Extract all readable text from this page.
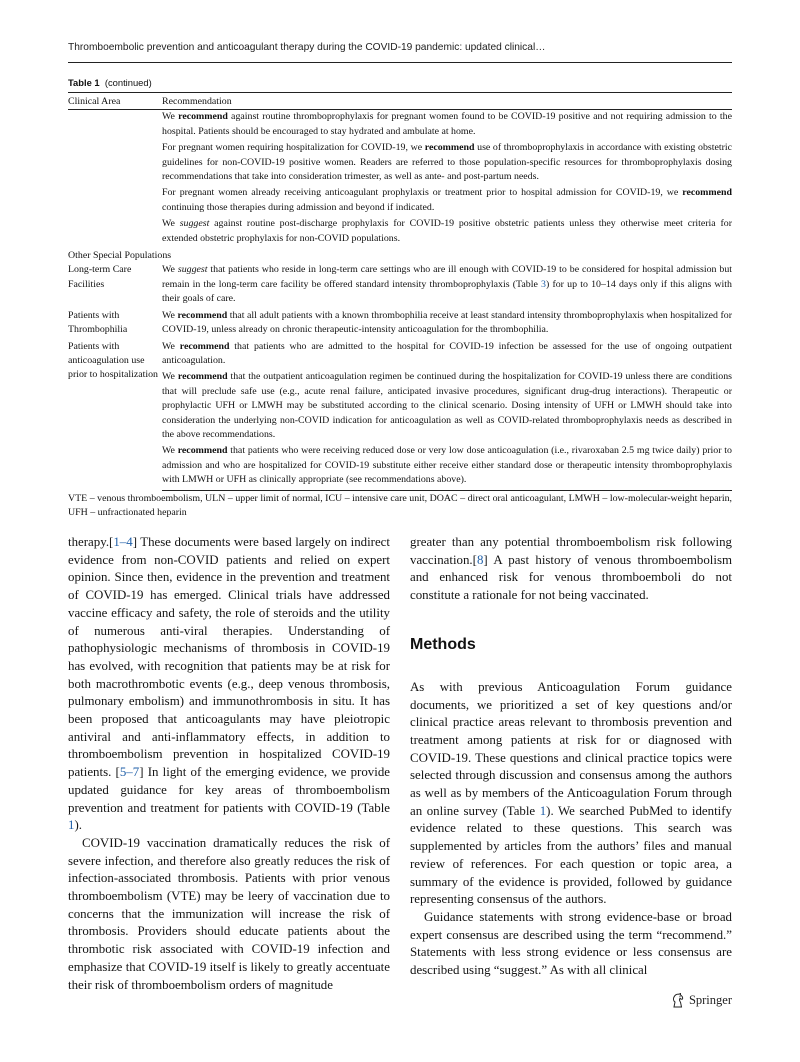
Thromboembolic prevention and anticoagulant therapy during the COVID-19 pandemic: updated clinical…
Table 1 (continued)
Clinical Area	Recommendation
	We recommend against routine thromboprophylaxis for pregnant women found to be COVID-19 positive and not requiring admission to the hospital. Patients should be encouraged to stay hydrated and ambulate at home.
	For pregnant women requiring hospitalization for COVID-19, we recommend use of thromboprophylaxis in accordance with existing obstetric guidelines for non-COVID-19 positive women. Readers are referred to those population-specific resources for thromboprophylaxis dosing recommendations that take into consideration trimester, as well as ante- and post-partum needs.
	For pregnant women already receiving anticoagulant prophylaxis or treatment prior to hospital admission for COVID-19, we recommend continuing those therapies during admission and beyond if indicated.
	We suggest against routine post-discharge prophylaxis for COVID-19 positive obstetric patients unless they otherwise meet criteria for extended obstetric prophylaxis for non-COVID populations.
Other Special Populations	
Long-term Care Facilities	We suggest that patients who reside in long-term care settings who are ill enough with COVID-19 to be considered for hospital admission but remain in the long-term care facility be offered standard intensity thromboprophylaxis (Table 3) for up to 10–14 days only if this aligns with their goals of care.
Patients with Thrombophilia	We recommend that all adult patients with a known thrombophilia receive at least standard intensity thromboprophylaxis when hospitalized for COVID-19, unless already on chronic therapeutic-intensity anticoagulation for the thrombophilia.
Patients with anticoagulation use prior to hospitalization	We recommend that patients who are admitted to the hospital for COVID-19 infection be assessed for the use of ongoing outpatient anticoagulation.
	We recommend that the outpatient anticoagulation regimen be continued during the hospitalization for COVID-19 unless there are conditions that will preclude safe use (e.g., acute renal failure, anticipated invasive procedures, significant drug-drug interactions). Therapeutic or prophylactic UFH or LMWH may be substituted according to the clinical scenario. Dosing intensity of UFH or LMWH should take into consideration the underlying non-COVID indication for anticoagulation as well as COVID-related thromboprophylaxis needs as described in the above recommendations.
	We recommend that patients who were receiving reduced dose or very low dose anticoagulation (i.e., rivaroxaban 2.5 mg twice daily) prior to admission and who are hospitalized for COVID-19 substitute either receive either standard dose or therapeutic intensity thromboprophylaxis with LMWH or UFH as clinically appropriate (see recommendations above).
VTE – venous thromboembolism, ULN – upper limit of normal, ICU – intensive care unit, DOAC – direct oral anticoagulant, LMWH – low-molecular-weight heparin, UFH – unfractionated heparin

therapy.[1–4] These documents were based largely on indirect evidence from non-COVID patients and relied on expert opinion. Since then, evidence in the prevention and treatment of COVID-19 has emerged. Clinical trials have addressed vaccine efficacy and safety, the role of steroids and the utility of numerous anti-viral therapies. Understanding of pathophysiologic mechanisms of thrombosis in COVID-19 has evolved, with recognition that patients may be at risk for both macrothrombotic events (e.g., deep venous thrombosis, pulmonary embolism) and immunothrombosis in situ. It has been proposed that anticoagulants may have pleiotropic antiviral and anti-inflammatory effects, in addition to thromboembolism prevention in hospitalized COVID-19 patients. [5–7] In light of the emerging evidence, we provide updated guidance for key areas of thromboembolism prevention and treatment for patients with COVID-19 (Table 1).

COVID-19 vaccination dramatically reduces the risk of severe infection, and therefore also greatly reduces the risk of infection-associated thrombosis. Patients with prior venous thromboembolism (VTE) may be leery of vaccination due to concerns that the immunization will increase the risk of thrombosis. Providers should educate patients about the thrombotic risk associated with COVID-19 infection and emphasize that COVID-19 itself is likely to greatly accentuate their risk of thromboembolism orders of magnitude

greater than any potential thromboembolism risk following vaccination.[8] A past history of venous thromboembolism and enhanced risk for venous thromboemboli do not constitute a rationale for not being vaccinated.

Methods

As with previous Anticoagulation Forum guidance documents, we prioritized a set of key questions and/or clinical practice areas relevant to thrombosis prevention and treatment among patients at risk for or diagnosed with COVID-19. These questions and clinical practice topics were selected through discussion and consensus among the authors as well as by members of the Anticoagulation Forum through an online survey (Table 1). We searched PubMed to identify evidence related to these questions. This search was supplemented by articles from the authors’ files and manual review of references. For each question or topic area, a summary of the evidence is provided, followed by guidance representing consensus of the authors.

Guidance statements with strong evidence-base or broad expert consensus are described using the term “recommend.” Statements with less strong evidence or less consensus are described using “suggest.” As with all clinical

Springer
